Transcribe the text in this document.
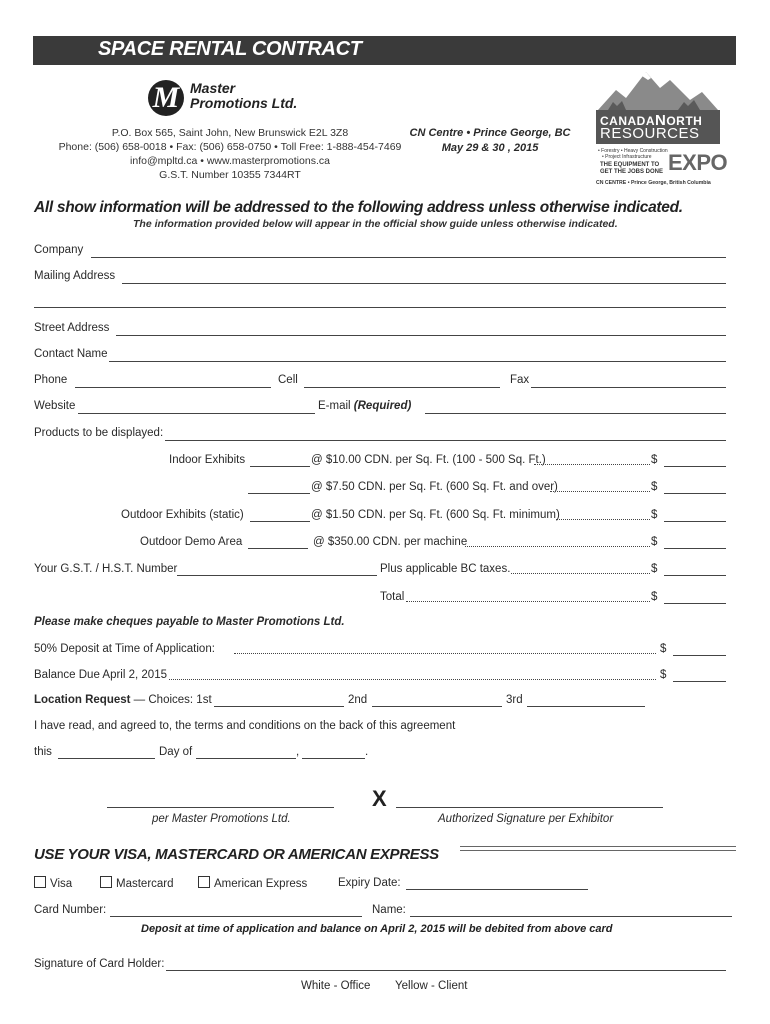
SPACE RENTAL CONTRACT
M Master
Promotions Ltd.
P.O. Box 565, Saint John, New Brunswick E2L 3Z8
Phone: (506) 658-0018 • Fax: (506) 658-0750 • Toll Free: 1-888-454-7469
info@mpltd.ca • www.masterpromotions.ca
G.S.T. Number 10355 7344RT
CN Centre • Prince George, BC
May 29 & 30 , 2015
CANADANORTH
RESOURCES
• Forestry • Heavy Construction
• Project Infrastructure
THE EQUIPMENT TO
GET THE JOBS DONE EXPO
CN CENTRE • Prince George, British Columbia
All show information will be addressed to the following address unless otherwise indicated.
The information provided below will appear in the official show guide unless otherwise indicated.
Company
Mailing Address
Street Address
Contact Name
Phone	Cell	Fax
Website	E-mail (Required)
Products to be displayed:
Indoor Exhibits	@ $10.00 CDN. per Sq. Ft. (100 - 500 Sq. Ft.)	$
@ $7.50 CDN. per Sq. Ft. (600 Sq. Ft. and over)	$
Outdoor Exhibits (static)	@ $1.50 CDN. per Sq. Ft. (600 Sq. Ft. minimum)	$
Outdoor Demo Area	@ $350.00 CDN. per machine	$
Your G.S.T. / H.S.T. Number	Plus applicable BC taxes.	$
Total	$
Please make cheques payable to Master Promotions Ltd.
50% Deposit at Time of Application:	$
Balance Due April 2, 2015	$
Location Request — Choices: 1st	2nd	3rd
I have read, and agreed to, the terms and conditions on the back of this agreement
this	Day of	,	.
X
per Master Promotions Ltd.	Authorized Signature per Exhibitor
USE YOUR VISA, MASTERCARD OR AMERICAN EXPRESS
Visa	Mastercard	American Express	Expiry Date:
Card Number:	Name:
Deposit at time of application and balance on April 2, 2015 will be debited from above card
Signature of Card Holder:
White - Office Yellow - Client
